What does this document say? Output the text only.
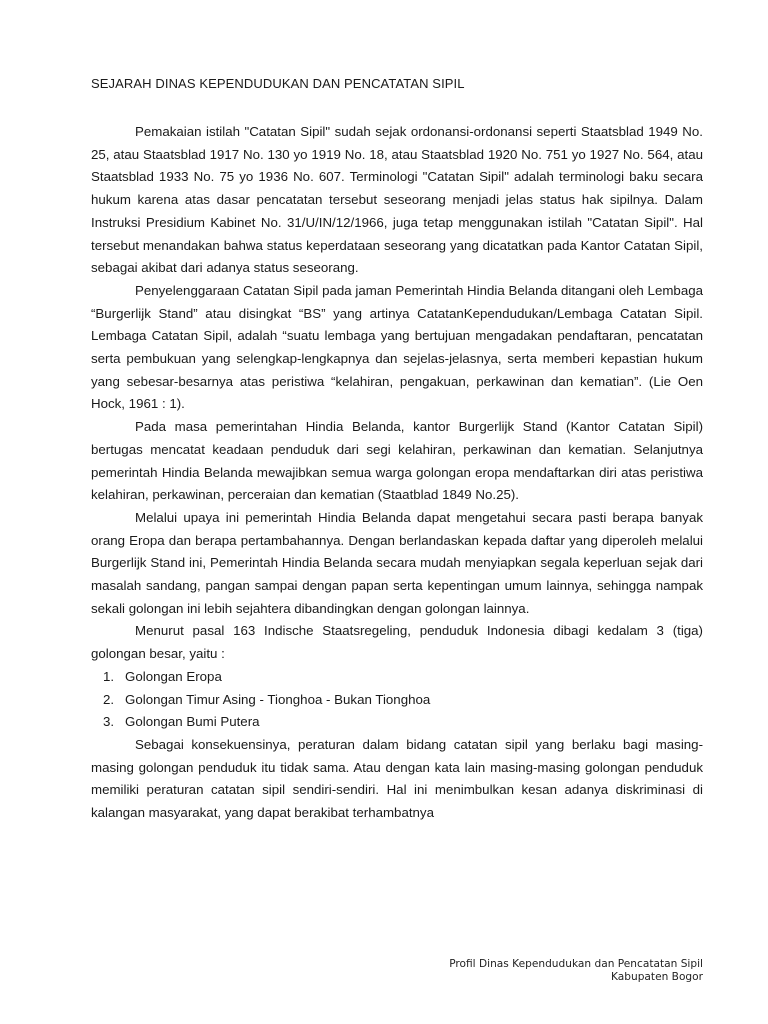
SEJARAH DINAS KEPENDUDUKAN DAN PENCATATAN SIPIL

Pemakaian istilah "Catatan Sipil" sudah sejak ordonansi-ordonansi seperti Staatsblad 1949 No. 25, atau Staatsblad 1917 No. 130 yo 1919 No. 18, atau Staatsblad 1920 No. 751 yo 1927 No. 564, atau Staatsblad 1933 No. 75 yo 1936 No. 607. Terminologi "Catatan Sipil" adalah terminologi baku secara hukum karena atas dasar pencatatan tersebut seseorang menjadi jelas status hak sipilnya. Dalam Instruksi Presidium Kabinet No. 31/U/IN/12/1966, juga tetap menggunakan istilah "Catatan Sipil". Hal tersebut menandakan bahwa status keperdataan seseorang yang dicatatkan pada Kantor Catatan Sipil, sebagai akibat dari adanya status seseorang.

Penyelenggaraan Catatan Sipil pada jaman Pemerintah Hindia Belanda ditangani oleh Lembaga “Burgerlijk Stand” atau disingkat “BS” yang artinya CatatanKependudukan/Lembaga Catatan Sipil. Lembaga Catatan Sipil, adalah “suatu lembaga yang bertujuan mengadakan pendaftaran, pencatatan serta pembukuan yang selengkap-lengkapnya dan sejelas-jelasnya, serta memberi kepastian hukum yang sebesar-besarnya atas peristiwa “kelahiran, pengakuan, perkawinan dan kematian”. (Lie Oen Hock, 1961 : 1).

Pada masa pemerintahan Hindia Belanda, kantor Burgerlijk Stand (Kantor Catatan Sipil) bertugas mencatat keadaan penduduk dari segi kelahiran, perkawinan dan kematian. Selanjutnya pemerintah Hindia Belanda mewajibkan semua warga golongan eropa mendaftarkan diri atas peristiwa kelahiran, perkawinan, perceraian dan kematian (Staatblad 1849 No.25).

Melalui upaya ini pemerintah Hindia Belanda dapat mengetahui secara pasti berapa banyak orang Eropa dan berapa pertambahannya. Dengan berlandaskan kepada daftar yang diperoleh melalui Burgerlijk Stand ini, Pemerintah Hindia Belanda secara mudah menyiapkan segala keperluan sejak dari masalah sandang, pangan sampai dengan papan serta kepentingan umum lainnya, sehingga nampak sekali golongan ini lebih sejahtera dibandingkan dengan golongan lainnya.

Menurut pasal 163 Indische Staatsregeling, penduduk Indonesia dibagi kedalam 3 (tiga) golongan besar, yaitu :

1. Golongan Eropa
2. Golongan Timur Asing - Tionghoa - Bukan Tionghoa
3. Golongan Bumi Putera

Sebagai konsekuensinya, peraturan dalam bidang catatan sipil yang berlaku bagi masing-masing golongan penduduk itu tidak sama. Atau dengan kata lain masing-masing golongan penduduk memiliki peraturan catatan sipil sendiri-sendiri. Hal ini menimbulkan kesan adanya diskriminasi di kalangan masyarakat, yang dapat berakibat terhambatnya

Profil Dinas Kependudukan dan Pencatatan Sipil
Kabupaten Bogor
